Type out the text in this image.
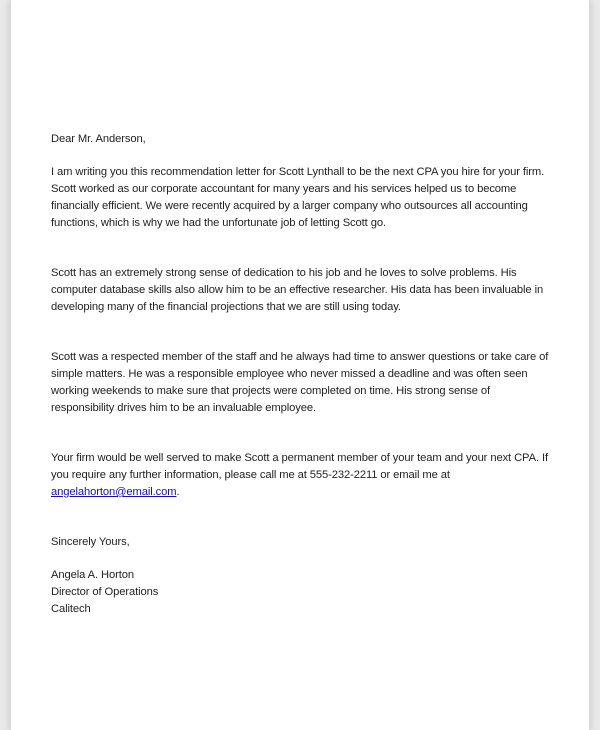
Dear Mr. Anderson,

I am writing you this recommendation letter for Scott Lynthall to be the next CPA you hire for your firm. Scott worked as our corporate accountant for many years and his services helped us to become financially efficient. We were recently acquired by a larger company who outsources all accounting functions, which is why we had the unfortunate job of letting Scott go.

Scott has an extremely strong sense of dedication to his job and he loves to solve problems. His computer database skills also allow him to be an effective researcher. His data has been invaluable in developing many of the financial projections that we are still using today.

Scott was a respected member of the staff and he always had time to answer questions or take care of simple matters. He was a responsible employee who never missed a deadline and was often seen working weekends to make sure that projects were completed on time. His strong sense of responsibility drives him to be an invaluable employee.

Your firm would be well served to make Scott a permanent member of your team and your next CPA. If you require any further information, please call me at 555-232-2211 or email me at angelahorton@email.com.

Sincerely Yours,

Angela A. Horton
Director of Operations
Calitech
